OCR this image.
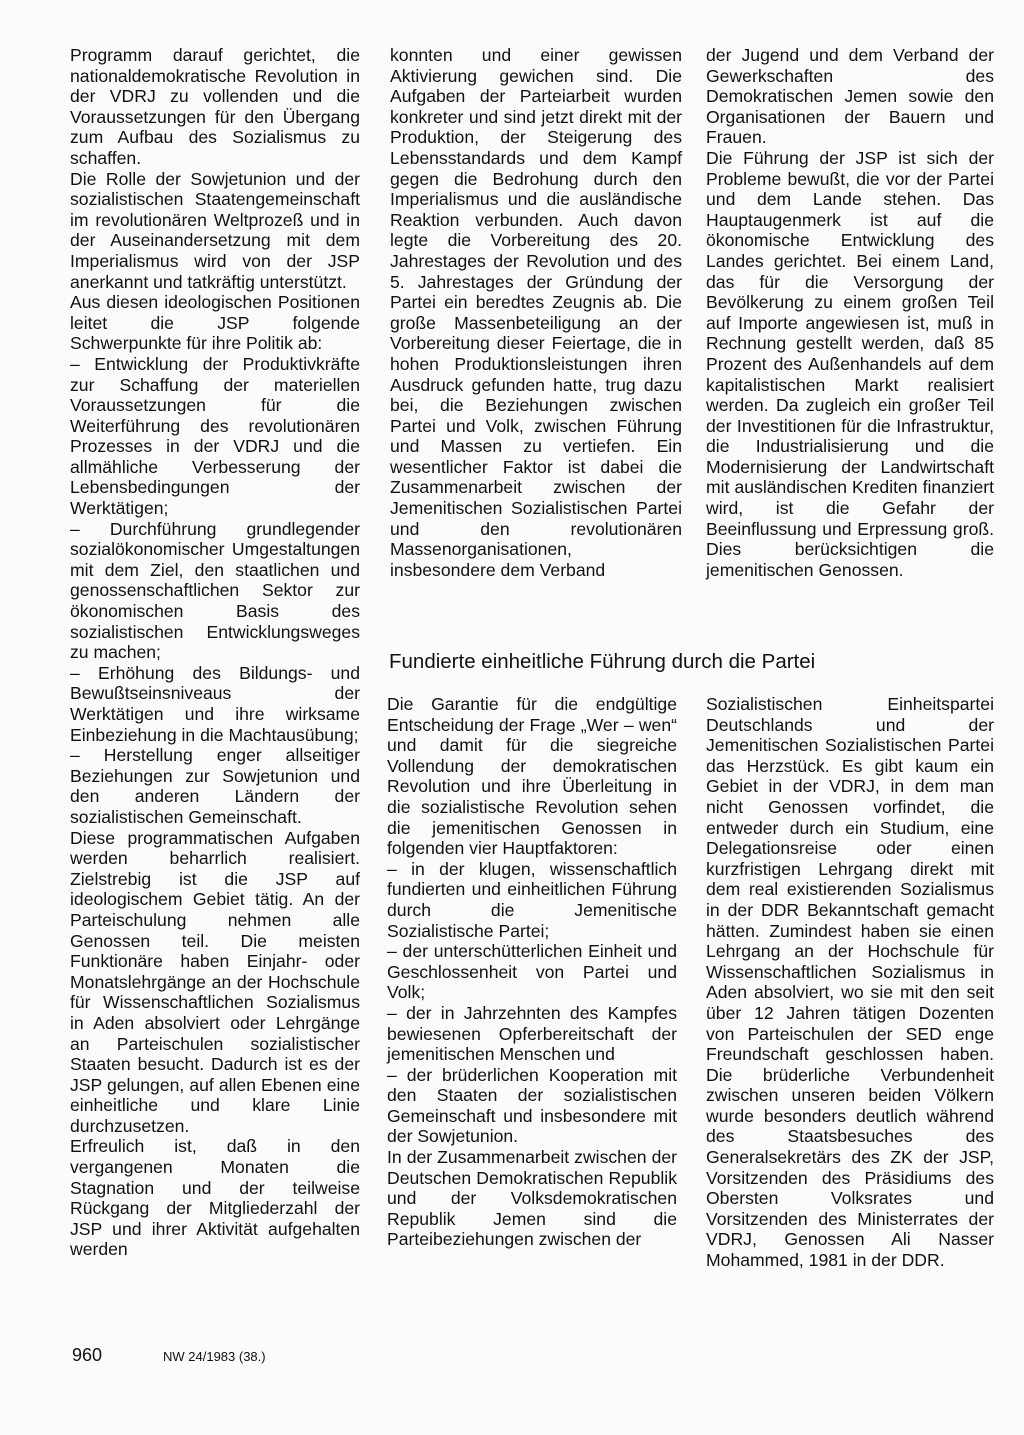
Programm darauf gerichtet, die nationaldemokratische Revolution in der VDRJ zu vollenden und die Voraussetzungen für den Übergang zum Aufbau des Sozialismus zu schaffen.

Die Rolle der Sowjetunion und der sozialistischen Staatengemeinschaft im revolutionären Weltprozeß und in der Auseinandersetzung mit dem Imperialismus wird von der JSP anerkannt und tatkräftig unterstützt.

Aus diesen ideologischen Positionen leitet die JSP folgende Schwerpunkte für ihre Politik ab:

– Entwicklung der Produktivkräfte zur Schaffung der materiellen Voraussetzungen für die Weiterführung des revolutionären Prozesses in der VDRJ und die allmähliche Verbesserung der Lebensbedingungen der Werktätigen;

– Durchführung grundlegender sozialökonomischer Umgestaltungen mit dem Ziel, den staatlichen und genossenschaftlichen Sektor zur ökonomischen Basis des sozialistischen Entwicklungsweges zu machen;

– Erhöhung des Bildungs- und Bewußtseinsniveaus der Werktätigen und ihre wirksame Einbeziehung in die Machtausübung;

– Herstellung enger allseitiger Beziehungen zur Sowjetunion und den anderen Ländern der sozialistischen Gemeinschaft.

Diese programmatischen Aufgaben werden beharrlich realisiert. Zielstrebig ist die JSP auf ideologischem Gebiet tätig. An der Parteischulung nehmen alle Genossen teil. Die meisten Funktionäre haben Einjahr- oder Monatslehrgänge an der Hochschule für Wissenschaftlichen Sozialismus in Aden absolviert oder Lehrgänge an Parteischulen sozialistischer Staaten besucht. Dadurch ist es der JSP gelungen, auf allen Ebenen eine einheitliche und klare Linie durchzusetzen.

Erfreulich ist, daß in den vergangenen Monaten die Stagnation und der teilweise Rückgang der Mitgliederzahl der JSP und ihrer Aktivität aufgehalten werden

konnten und einer gewissen Aktivierung gewichen sind. Die Aufgaben der Parteiarbeit wurden konkreter und sind jetzt direkt mit der Produktion, der Steigerung des Lebensstandards und dem Kampf gegen die Bedrohung durch den Imperialismus und die ausländische Reaktion verbunden. Auch davon legte die Vorbereitung des 20. Jahrestages der Revolution und des 5. Jahrestages der Gründung der Partei ein beredtes Zeugnis ab. Die große Massenbeteiligung an der Vorbereitung dieser Feiertage, die in hohen Produktionsleistungen ihren Ausdruck gefunden hatte, trug dazu bei, die Beziehungen zwischen Partei und Volk, zwischen Führung und Massen zu vertiefen. Ein wesentlicher Faktor ist dabei die Zusammenarbeit zwischen der Jemenitischen Sozialistischen Partei und den revolutionären Massenorganisationen, insbesondere dem Verband

der Jugend und dem Verband der Gewerkschaften des Demokratischen Jemen sowie den Organisationen der Bauern und Frauen.

Die Führung der JSP ist sich der Probleme bewußt, die vor der Partei und dem Lande stehen. Das Hauptaugenmerk ist auf die ökonomische Entwicklung des Landes gerichtet. Bei einem Land, das für die Versorgung der Bevölkerung zu einem großen Teil auf Importe angewiesen ist, muß in Rechnung gestellt werden, daß 85 Prozent des Außenhandels auf dem kapitalistischen Markt realisiert werden. Da zugleich ein großer Teil der Investitionen für die Infrastruktur, die Industrialisierung und die Modernisierung der Landwirtschaft mit ausländischen Krediten finanziert wird, ist die Gefahr der Beeinflussung und Erpressung groß. Dies berücksichtigen die jemenitischen Genossen.

Fundierte einheitliche Führung durch die Partei

Die Garantie für die endgültige Entscheidung der Frage „Wer – wen“ und damit für die siegreiche Vollendung der demokratischen Revolution und ihre Überleitung in die sozialistische Revolution sehen die jemenitischen Genossen in folgenden vier Hauptfaktoren:

– in der klugen, wissenschaftlich fundierten und einheitlichen Führung durch die Jemenitische Sozialistische Partei;

– der unterschütterlichen Einheit und Geschlossenheit von Partei und Volk;

– der in Jahrzehnten des Kampfes bewiesenen Opferbereitschaft der jemenitischen Menschen und

– der brüderlichen Kooperation mit den Staaten der sozialistischen Gemeinschaft und insbesondere mit der Sowjetunion.

In der Zusammenarbeit zwischen der Deutschen Demokratischen Republik und der Volksdemokratischen Republik Jemen sind die Parteibeziehungen zwischen der

Sozialistischen Einheitspartei Deutschlands und der Jemenitischen Sozialistischen Partei das Herzstück. Es gibt kaum ein Gebiet in der VDRJ, in dem man nicht Genossen vorfindet, die entweder durch ein Studium, eine Delegationsreise oder einen kurzfristigen Lehrgang direkt mit dem real existierenden Sozialismus in der DDR Bekanntschaft gemacht hätten. Zumindest haben sie einen Lehrgang an der Hochschule für Wissenschaftlichen Sozialismus in Aden absolviert, wo sie mit den seit über 12 Jahren tätigen Dozenten von Parteischulen der SED enge Freundschaft geschlossen haben. Die brüderliche Verbundenheit zwischen unseren beiden Völkern wurde besonders deutlich während des Staatsbesuches des Generalsekretärs des ZK der JSP, Vorsitzenden des Präsidiums des Obersten Volksrates und Vorsitzenden des Ministerrates der VDRJ, Genossen Ali Nasser Mohammed, 1981 in der DDR.

960	NW 24/1983 (38.)
